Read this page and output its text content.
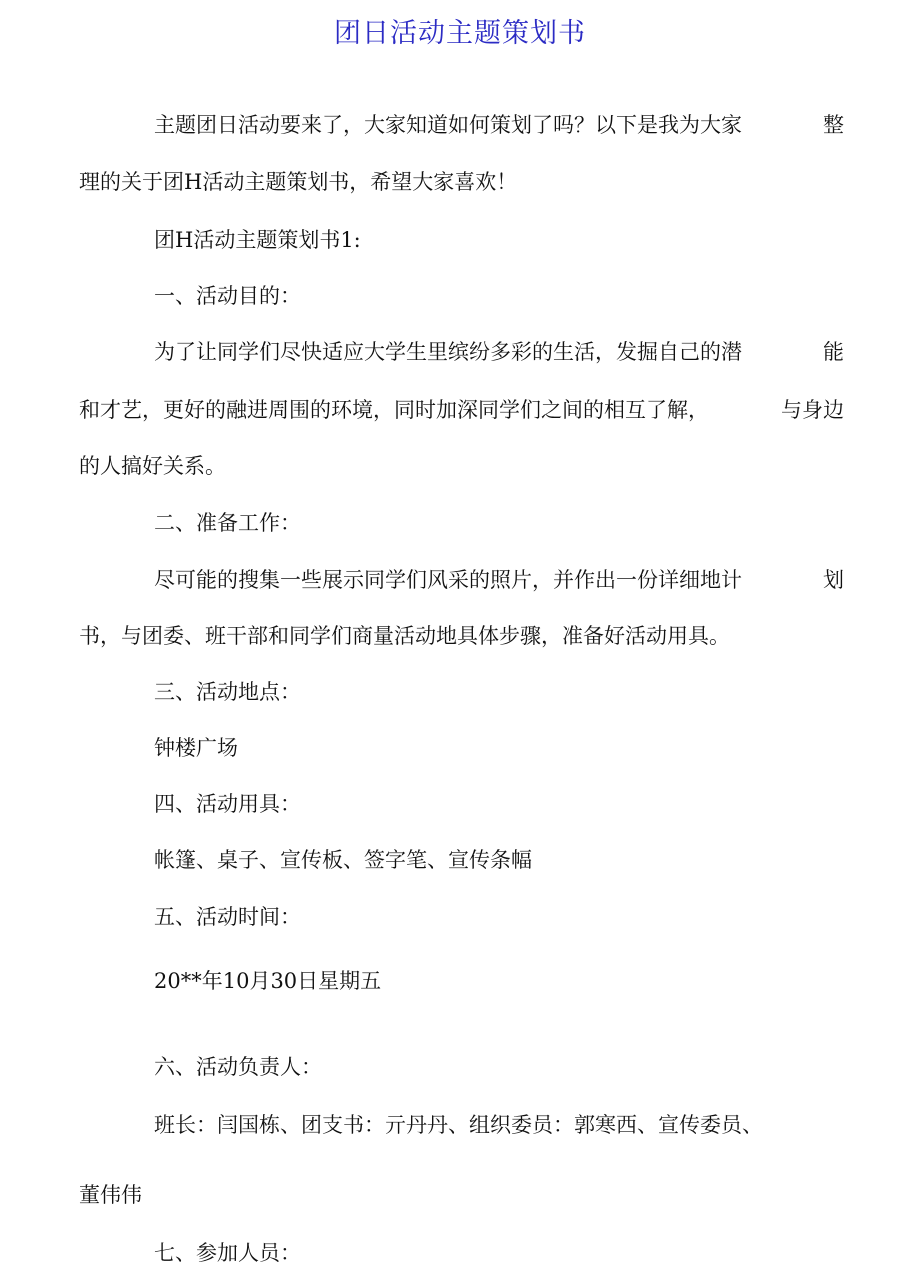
团日活动主题策划书
主题团日活动要来了，大家知道如何策划了吗？以下是我为大家	整
理的关于团H活动主题策划书，希望大家喜欢！
团H活动主题策划书1:
一、活动目的：
为了让同学们尽快适应大学生里缤纷多彩的生活，发掘自己的潜	能
和才艺，更好的融进周围的环境，同时加深同学们之间的相互了解，	与身边
的人搞好关系。
二、准备工作：
尽可能的搜集一些展示同学们风采的照片，并作出一份详细地计	划
书，与团委、班干部和同学们商量活动地具体步骤，准备好活动用具。
三、活动地点：
钟楼广场
四、活动用具：
帐篷、桌子、宣传板、签字笔、宣传条幅
五、活动时间：
20**年10月30日星期五
六、活动负责人：
班长：闫国栋、团支书：亓丹丹、组织委员：郭寒西、宣传委员、
董伟伟
七、参加人员：
